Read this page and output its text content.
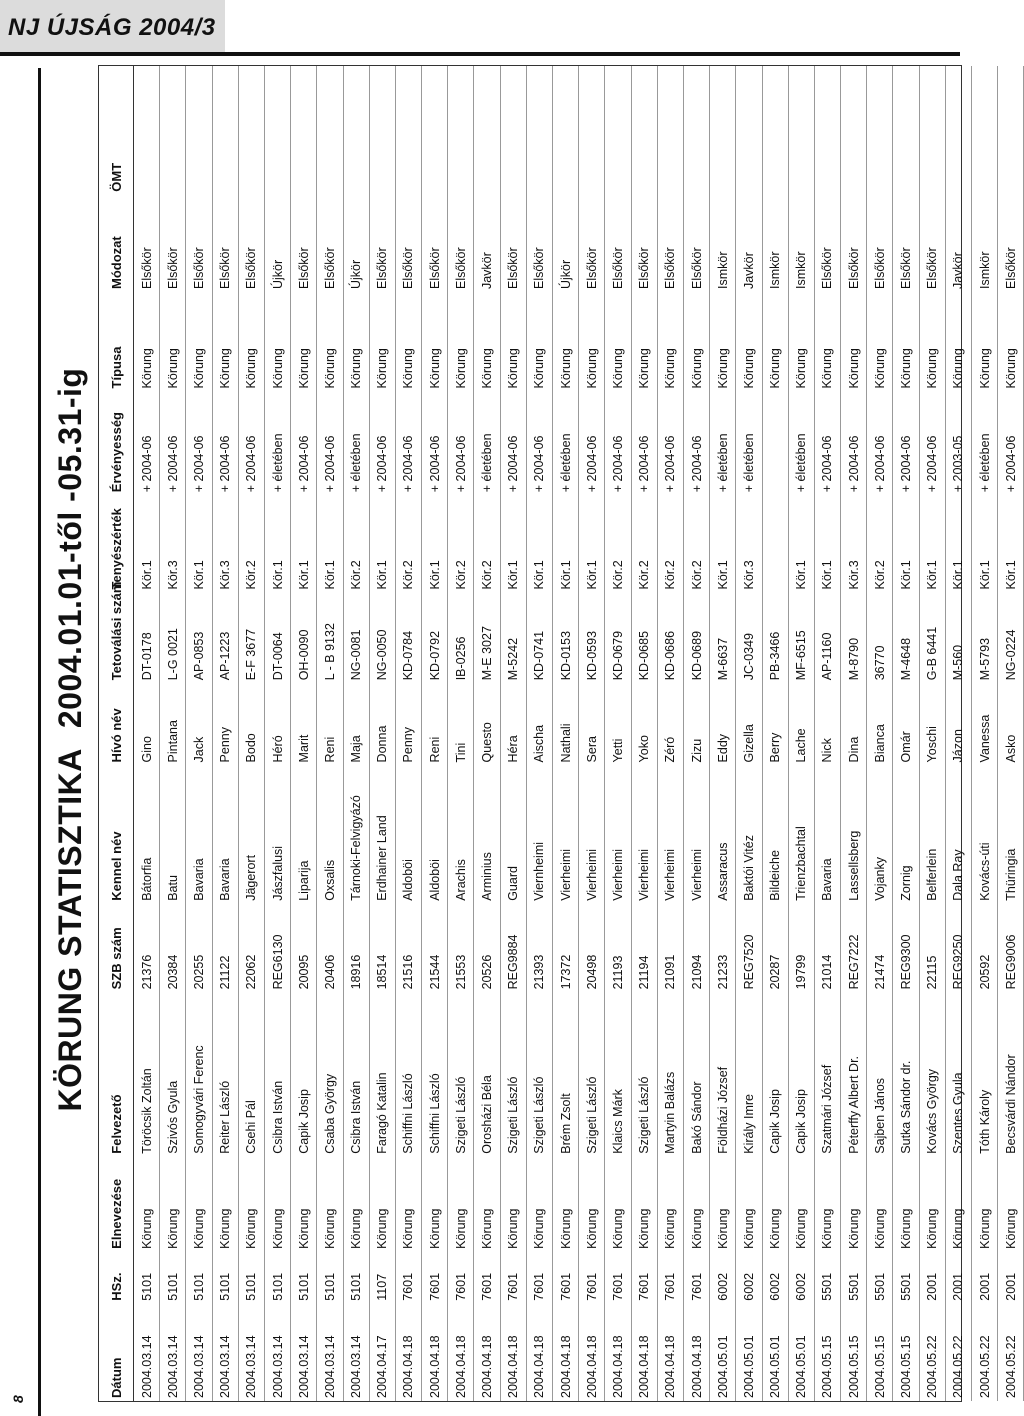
NJ ÚJSÁG 2004/3
8
KÖRUNG STATISZTIKA2004.01.01-től -05.31-ig
Dátum	HSz.	Elnevezése	Felvezető	SZB szám	Kennel név	Hívó név	Tetoválási szám	Tenyészérték	Érvényesség	Típusa	Módozat	ÖMT
2004.03.14	5101	Körung	Töröcsik Zoltán	21376	Bátorfia	Gino	DT-0178	Kör.1	+ 2004-06	Körung	Elsőkör	
2004.03.14	5101	Körung	Szivós Gyula	20384	Batu	Pintana	L-G 0021	Kör.3	+ 2004-06	Körung	Elsőkör	
2004.03.14	5101	Körung	Somogyvári Ferenc	20255	Bavaria	Jack	AP-0853	Kör.1	+ 2004-06	Körung	Elsőkör	
2004.03.14	5101	Körung	Reiter László	21122	Bavaria	Penny	AP-1223	Kör.3	+ 2004-06	Körung	Elsőkör	
2004.03.14	5101	Körung	Csehi Pál	22062	Jägerort	Bodo	E-F 3677	Kör.2	+ 2004-06	Körung	Elsőkör	
2004.03.14	5101	Körung	Csibra István	REG6130	Jászfalusi	Héró	DT-0064	Kör.1	+ életében	Körung	Újkör	
2004.03.14	5101	Körung	Capik Josip	20095	Liparija	Marit	OH-0090	Kör.1	+ 2004-06	Körung	Elsőkör	
2004.03.14	5101	Körung	Csaba György	20406	Oxsalis	Reni	L - B 9132	Kör.1	+ 2004-06	Körung	Elsőkör	
2004.03.14	5101	Körung	Csibra István	18916	Tárnoki-Felvigyázó	Maja	NG-0081	Kör.2	+ életében	Körung	Újkör	
2004.04.17	1107	Körung	Faragó Katalin	18514	Erdhainer Land	Donna	NG-0050	Kör.1	+ 2004-06	Körung	Elsőkör	
2004.04.18	7601	Körung	Schiffni László	21516	Aldoböi	Penny	KD-0784	Kör.2	+ 2004-06	Körung	Elsőkör	
2004.04.18	7601	Körung	Schiffni László	21544	Aldoböi	Reni	KD-0792	Kör.1	+ 2004-06	Körung	Elsőkör	
2004.04.18	7601	Körung	Szigeti László	21553	Arachis	Tini	IB-0256	Kör.2	+ 2004-06	Körung	Elsőkör	
2004.04.18	7601	Körung	Orosházi Béla	20526	Arminius	Questo	M-E 3027	Kör.2	+ életében	Körung	Javkör	
2004.04.18	7601	Körung	Szigeti László	REG9884	Guard	Héra	M-5242	Kör.1	+ 2004-06	Körung	Elsőkör	
2004.04.18	7601	Körung	Szigeti László	21393	Viernheimi	Aischa	KD-0741	Kör.1	+ 2004-06	Körung	Elsőkör	
2004.04.18	7601	Körung	Brém Zsolt	17372	Vierheimi	Nathali	KD-0153	Kör.1	+ életében	Körung	Újkör	
2004.04.18	7601	Körung	Szigeti László	20498	Vierheimi	Sera	KD-0593	Kör.1	+ 2004-06	Körung	Elsőkör	
2004.04.18	7601	Körung	Klaics Márk	21193	Vierheimi	Yetti	KD-0679	Kör.2	+ 2004-06	Körung	Elsőkör	
2004.04.18	7601	Körung	Szigeti László	21194	Vierheimi	Yoko	KD-0685	Kör.2	+ 2004-06	Körung	Elsőkör	
2004.04.18	7601	Körung	Martyin Balázs	21091	Vierheimi	Zéró	KD-0686	Kör.2	+ 2004-06	Körung	Elsőkör	
2004.04.18	7601	Körung	Bakó Sándor	21094	Vierheimi	Zizu	KD-0689	Kör.2	+ 2004-06	Körung	Elsőkör	
2004.05.01	6002	Körung	Földházi József	21233	Assaracus	Eddy	M-6637	Kör.1	+ életében	Körung	Ismkör	
2004.05.01	6002	Körung	Király Imre	REG7520	Baktói Vitéz	Gizella	JC-0349	Kör.3	+ életében	Körung	Javkör	
2004.05.01	6002	Körung	Capik Josip	20287	Bildeiche	Berry	PB-3466			Körung	Ismkör	
2004.05.01	6002	Körung	Capik Josip	19799	Trienzbachtal	Lache	MF-6515	Kör.1	+ életében	Körung	Ismkör	
2004.05.15	5501	Körung	Szatmári József	21014	Bavaria	Nick	AP-1160	Kör.1	+ 2004-06	Körung	Elsőkör	
2004.05.15	5501	Körung	Péterffy Albert Dr.	REG7222	Lassellsberg	Dina	M-8790	Kör.3	+ 2004-06	Körung	Elsőkör	
2004.05.15	5501	Körung	Sajben János	21474	Vojanky	Bianca	36770	Kör.2	+ 2004-06	Körung	Elsőkör	
2004.05.15	5501	Körung	Sutka Sándor dr.	REG9300	Zornig	Omár	M-4648	Kör.1	+ 2004-06	Körung	Elsőkör	
2004.05.22	2001	Körung	Kovács György	22115	Belferlein	Yoschi	G-B 6441	Kör.1	+ 2004-06	Körung	Elsőkör	
2004.05.22	2001	Körung	Szentes Gyula	REG9250	Dala Ray	Jázon	M-560	Kör.1	+ 2003-05	Körung	Javkör	
2004.05.22	2001	Körung	Tóth Károly	20592	Kovács-úti	Vanessa	M-5793	Kör.1	+ életében	Körung	Ismkör	
2004.05.22	2001	Körung	Becsvárdi Nándor	REG9006	Thüringia	Asko	NG-0224	Kör.1	+ 2004-06	Körung	Elsőkör	
